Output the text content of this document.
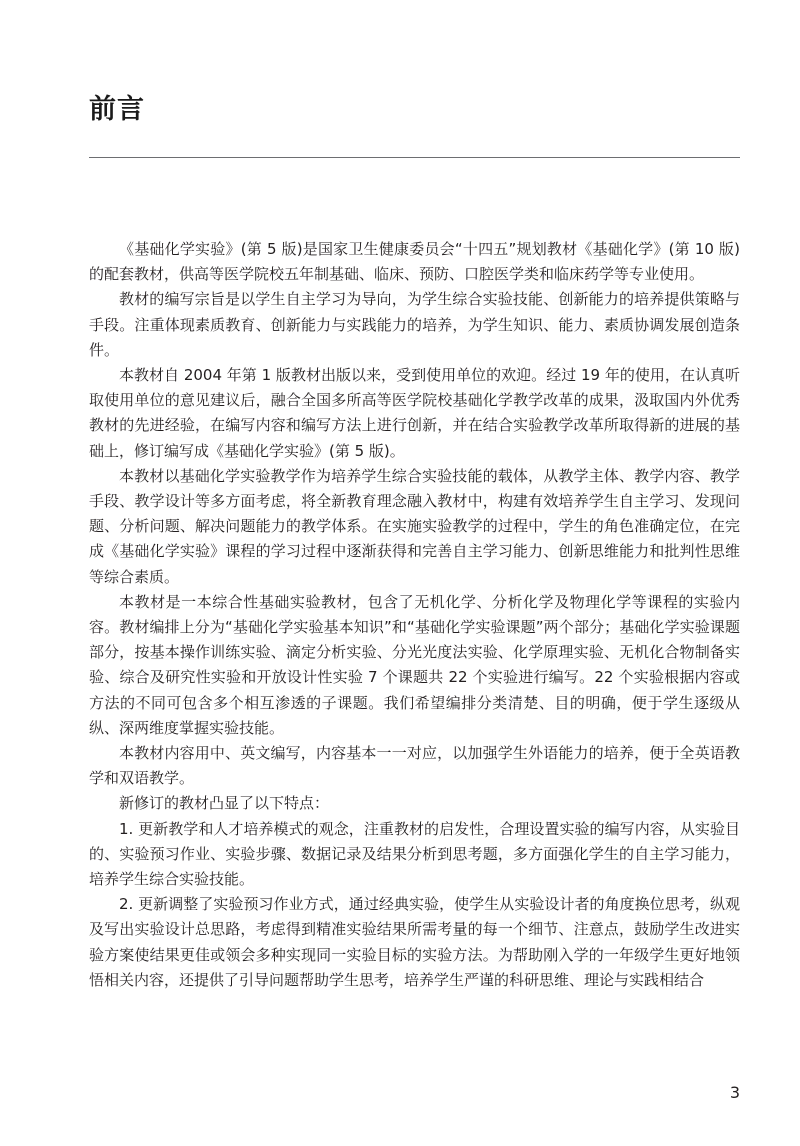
前言

《基础化学实验》(第 5 版)是国家卫生健康委员会“十四五”规划教材《基础化学》(第 10 版)的配套教材，供高等医学院校五年制基础、临床、预防、口腔医学类和临床药学等专业使用。

教材的编写宗旨是以学生自主学习为导向，为学生综合实验技能、创新能力的培养提供策略与手段。注重体现素质教育、创新能力与实践能力的培养，为学生知识、能力、素质协调发展创造条件。

本教材自 2004 年第 1 版教材出版以来，受到使用单位的欢迎。经过 19 年的使用，在认真听取使用单位的意见建议后，融合全国多所高等医学院校基础化学教学改革的成果，汲取国内外优秀教材的先进经验，在编写内容和编写方法上进行创新，并在结合实验教学改革所取得新的进展的基础上，修订编写成《基础化学实验》(第 5 版)。

本教材以基础化学实验教学作为培养学生综合实验技能的载体，从教学主体、教学内容、教学手段、教学设计等多方面考虑，将全新教育理念融入教材中，构建有效培养学生自主学习、发现问题、分析问题、解决问题能力的教学体系。在实施实验教学的过程中，学生的角色准确定位，在完成《基础化学实验》课程的学习过程中逐渐获得和完善自主学习能力、创新思维能力和批判性思维等综合素质。

本教材是一本综合性基础实验教材，包含了无机化学、分析化学及物理化学等课程的实验内容。教材编排上分为“基础化学实验基本知识”和“基础化学实验课题”两个部分；基础化学实验课题部分，按基本操作训练实验、滴定分析实验、分光光度法实验、化学原理实验、无机化合物制备实验、综合及研究性实验和开放设计性实验 7 个课题共 22 个实验进行编写。22 个实验根据内容或方法的不同可包含多个相互渗透的子课题。我们希望编排分类清楚、目的明确，便于学生逐级从纵、深两维度掌握实验技能。

本教材内容用中、英文编写，内容基本一一对应，以加强学生外语能力的培养，便于全英语教学和双语教学。

新修订的教材凸显了以下特点：

1. 更新教学和人才培养模式的观念，注重教材的启发性，合理设置实验的编写内容，从实验目的、实验预习作业、实验步骤、数据记录及结果分析到思考题，多方面强化学生的自主学习能力，培养学生综合实验技能。

2. 更新调整了实验预习作业方式，通过经典实验，使学生从实验设计者的角度换位思考，纵观及写出实验设计总思路，考虑得到精准实验结果所需考量的每一个细节、注意点，鼓励学生改进实验方案使结果更佳或领会多种实现同一实验目标的实验方法。为帮助刚入学的一年级学生更好地领悟相关内容，还提供了引导问题帮助学生思考，培养学生严谨的科研思维、理论与实践相结合

3
